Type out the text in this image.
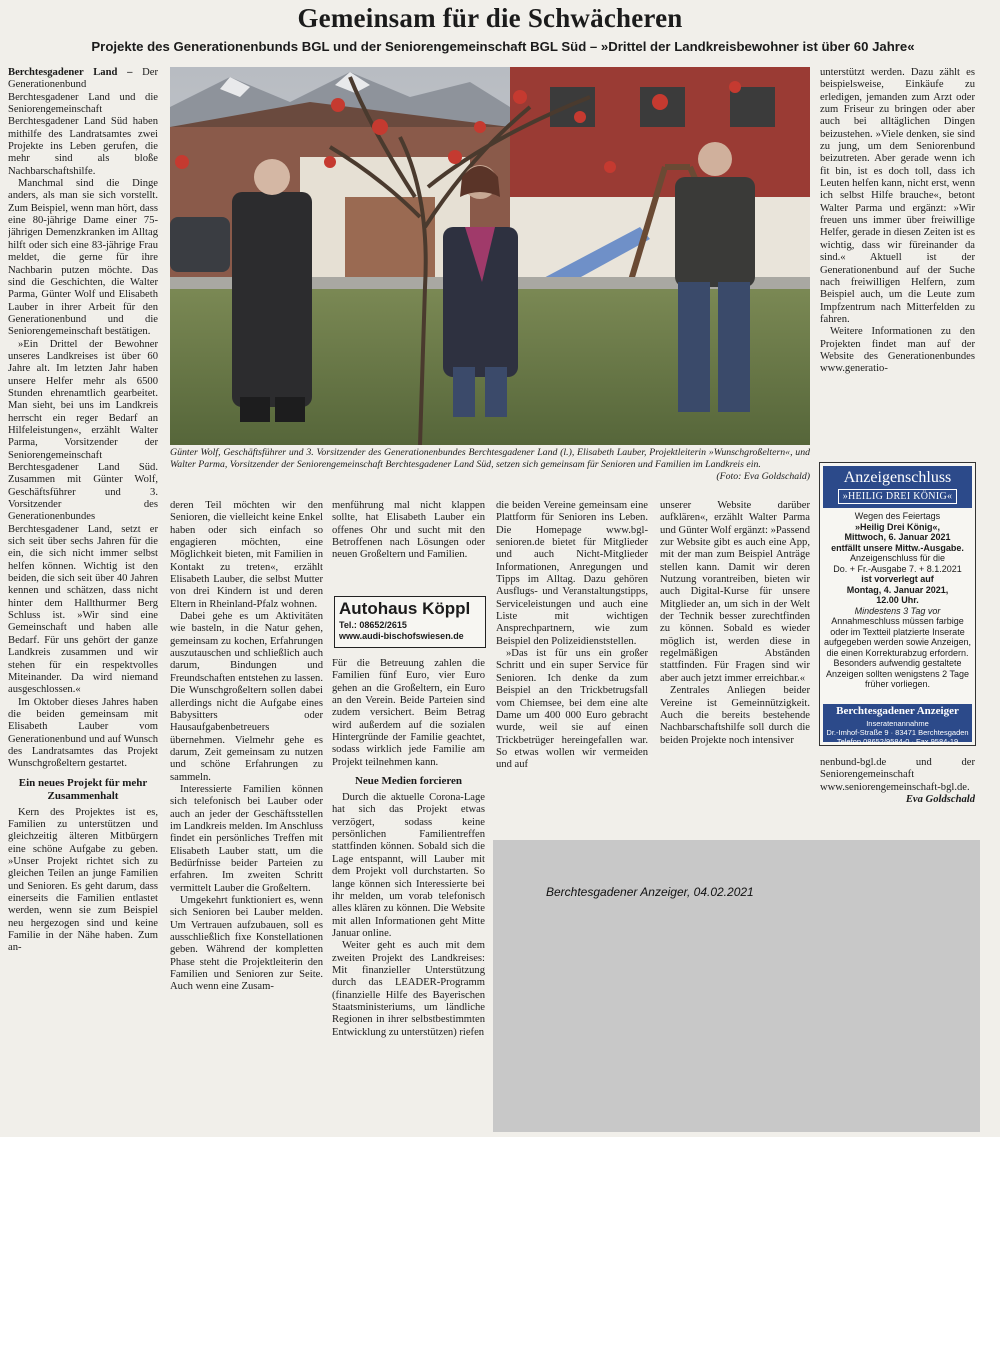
Gemeinsam für die Schwächeren
Projekte des Generationenbunds BGL und der Seniorengemeinschaft BGL Süd – »Drittel der Landkreisbewohner ist über 60 Jahre«

Berchtesgadener Land – Der Generationenbund Berchtesgadener Land und die Seniorengemeinschaft Berchtesgadener Land Süd haben mithilfe des Landratsamtes zwei Projekte ins Leben gerufen, die mehr sind als bloße Nachbarschaftshilfe.

Manchmal sind die Dinge anders, als man sie sich vorstellt. Zum Beispiel, wenn man hört, dass eine 80-jährige Dame einer 75-jährigen Demenzkranken im Alltag hilft oder sich eine 83-jährige Frau meldet, die gerne für ihre Nachbarin putzen möchte. Das sind die Geschichten, die Walter Parma, Günter Wolf und Elisabeth Lauber in ihrer Arbeit für den Generationenbund und die Seniorengemeinschaft bestätigen.

»Ein Drittel der Bewohner unseres Landkreises ist über 60 Jahre alt. Im letzten Jahr haben unsere Helfer mehr als 6500 Stunden ehrenamtlich gearbeitet. Man sieht, bei uns im Landkreis herrscht ein reger Bedarf an Hilfeleistungen«, erzählt Walter Parma, Vorsitzender der Seniorengemeinschaft Berchtesgadener Land Süd. Zusammen mit Günter Wolf, Geschäftsführer und 3. Vorsitzender des Generationenbundes Berchtesgadener Land, setzt er sich seit über sechs Jahren für die ein, die sich nicht immer selbst helfen können. Wichtig ist den beiden, die sich seit über 40 Jahren kennen und schätzen, dass nicht hinter dem Hallthurmer Berg Schluss ist. »Wir sind eine Gemeinschaft und haben alle Bedarf. Für uns gehört der ganze Landkreis zusammen und wir stehen für ein respektvolles Miteinander. Da wird niemand ausgeschlossen.«

Im Oktober dieses Jahres haben die beiden gemeinsam mit Elisabeth Lauber vom Generationenbund und auf Wunsch des Landratsamtes das Projekt Wunschgroßeltern gestartet.

Ein neues Projekt für mehr Zusammenhalt

Kern des Projektes ist es, Familien zu unterstützen und gleichzeitig älteren Mitbürgern eine schöne Aufgabe zu geben. »Unser Projekt richtet sich zu gleichen Teilen an junge Familien und Senioren. Es geht darum, dass einerseits die Familien entlastet werden, wenn sie zum Beispiel neu hergezogen sind und keine Familie in der Nähe haben. Zum an-

Günter Wolf, Geschäftsführer und 3. Vorsitzender des Generationenbundes Berchtesgadener Land (l.), Elisabeth Lauber, Projektleiterin »Wunschgroßeltern«, und Walter Parma, Vorsitzender der Seniorengemeinschaft Berchtesgadener Land Süd, setzen sich gemeinsam für Senioren und Familien im Landkreis ein.
(Foto: Eva Goldschald)

deren Teil möchten wir den Senioren, die vielleicht keine Enkel haben oder sich einfach so engagieren möchten, eine Möglichkeit bieten, mit Familien in Kontakt zu treten«, erzählt Elisabeth Lauber, die selbst Mutter von drei Kindern ist und deren Eltern in Rheinland-Pfalz wohnen.

Dabei gehe es um Aktivitäten wie basteln, in die Natur gehen, gemeinsam zu kochen, Erfahrungen auszutauschen und schließlich auch darum, Bindungen und Freundschaften entstehen zu lassen. Die Wunschgroßeltern sollen dabei allerdings nicht die Aufgabe eines Babysitters oder Hausaufgabenbetreuers übernehmen. Vielmehr gehe es darum, Zeit gemeinsam zu nutzen und schöne Erfahrungen zu sammeln.

Interessierte Familien können sich telefonisch bei Lauber oder auch an jeder der Geschäftsstellen im Landkreis melden. Im Anschluss findet ein persönliches Treffen mit Elisabeth Lauber statt, um die Bedürfnisse beider Parteien zu erfahren. Im zweiten Schritt vermittelt Lauber die Großeltern.

Umgekehrt funktioniert es, wenn sich Senioren bei Lauber melden. Um Vertrauen aufzubauen, soll es ausschließlich fixe Konstellationen geben. Während der kompletten Phase steht die Projektleiterin den Familien und Senioren zur Seite. Auch wenn eine Zusam-

menführung mal nicht klappen sollte, hat Elisabeth Lauber ein offenes Ohr und sucht mit den Betroffenen nach Lösungen oder neuen Großeltern und Familien.

Autohaus Köppl
Tel.: 08652/2615
www.audi-bischofswiesen.de

Für die Betreuung zahlen die Familien fünf Euro, vier Euro gehen an die Großeltern, ein Euro an den Verein. Beide Parteien sind zudem versichert. Beim Betrag wird außerdem auf die sozialen Hintergründe der Familie geachtet, sodass wirklich jede Familie am Projekt teilnehmen kann.

Neue Medien forcieren

Durch die aktuelle Corona-Lage hat sich das Projekt etwas verzögert, sodass keine persönlichen Familientreffen stattfinden können. Sobald sich die Lage entspannt, will Lauber mit dem Projekt voll durchstarten. So lange können sich Interessierte bei ihr melden, um vorab telefonisch alles klären zu können. Die Website mit allen Informationen geht Mitte Januar online.

Weiter geht es auch mit dem zweiten Projekt des Landkreises: Mit finanzieller Unterstützung durch das LEADER-Programm (finanzielle Hilfe des Bayerischen Staatsministeriums, um ländliche Regionen in ihrer selbstbestimmten Entwicklung zu unterstützen) riefen

die beiden Vereine gemeinsam eine Plattform für Senioren ins Leben. Die Homepage www.bgl-senioren.de bietet für Mitglieder und auch Nicht-Mitglieder Informationen, Anregungen und Tipps im Alltag. Dazu gehören Ausflugs- und Veranstaltungstipps, Serviceleistungen und auch eine Liste mit wichtigen Ansprechpartnern, wie zum Beispiel den Polizeidienststellen.

»Das ist für uns ein großer Schritt und ein super Service für Senioren. Ich denke da zum Beispiel an den Trickbetrugsfall vom Chiemsee, bei dem eine alte Dame um 400 000 Euro gebracht wurde, weil sie auf einen Trickbetrüger hereingefallen war. So etwas wollen wir vermeiden und auf

unserer Website darüber aufklären«, erzählt Walter Parma und Günter Wolf ergänzt: »Passend zur Website gibt es auch eine App, mit der man zum Beispiel Anträge stellen kann. Damit wir deren Nutzung vorantreiben, bieten wir auch Digital-Kurse für unsere Mitglieder an, um sich in der Welt der Technik besser zurechtfinden zu können. Sobald es wieder möglich ist, werden diese in regelmäßigen Abständen stattfinden. Für Fragen sind wir aber auch jetzt immer erreichbar.«

Zentrales Anliegen beider Vereine ist Gemeinnützigkeit. Auch die bereits bestehende Nachbarschaftshilfe soll durch die beiden Projekte noch intensiver

unterstützt werden. Dazu zählt es beispielsweise, Einkäufe zu erledigen, jemanden zum Arzt oder zum Friseur zu bringen oder aber auch bei alltäglichen Dingen beizustehen. »Viele denken, sie sind zu jung, um dem Seniorenbund beizutreten. Aber gerade wenn ich fit bin, ist es doch toll, dass ich Leuten helfen kann, nicht erst, wenn ich selbst Hilfe brauche«, betont Walter Parma und ergänzt: »Wir freuen uns immer über freiwillige Helfer, gerade in diesen Zeiten ist es wichtig, dass wir füreinander da sind.« Aktuell ist der Generationenbund auf der Suche nach freiwilligen Helfern, zum Beispiel auch, um die Leute zum Impfzentrum nach Mitterfelden zu fahren.

Weitere Informationen zu den Projekten findet man auf der Website des Generationenbundes www.generatio-

Anzeigenschluss
»HEILIG DREI KÖNIG«
Wegen des Feiertags
»Heilig Drei König«,
Mittwoch, 6. Januar 2021
entfällt unsere Mittw.-Ausgabe.
Anzeigenschluss für die
Do. + Fr.-Ausgabe 7. + 8.1.2021
ist vorverlegt auf
Montag, 4. Januar 2021,
12.00 Uhr.
Mindestens 3 Tag vor
Annahmeschluss müssen farbige oder im Textteil platzierte Inserate aufgegeben werden sowie Anzeigen, die einen Korrekturabzug erfordern. Besonders aufwendig gestaltete Anzeigen sollten wenigstens 2 Tage früher vorliegen.
Berchtesgadener Anzeiger
Inseratenannahme
Dr.-Imhof-Straße 9 · 83471 Berchtesgaden
Telefon 08652/9584-0 · Fax 9584-19

nenbund-bgl.de und der Seniorengemeinschaft www.seniorengemeinschaft-bgl.de.

Eva Goldschald
Berchtesgadener Anzeiger, 04.02.2021
